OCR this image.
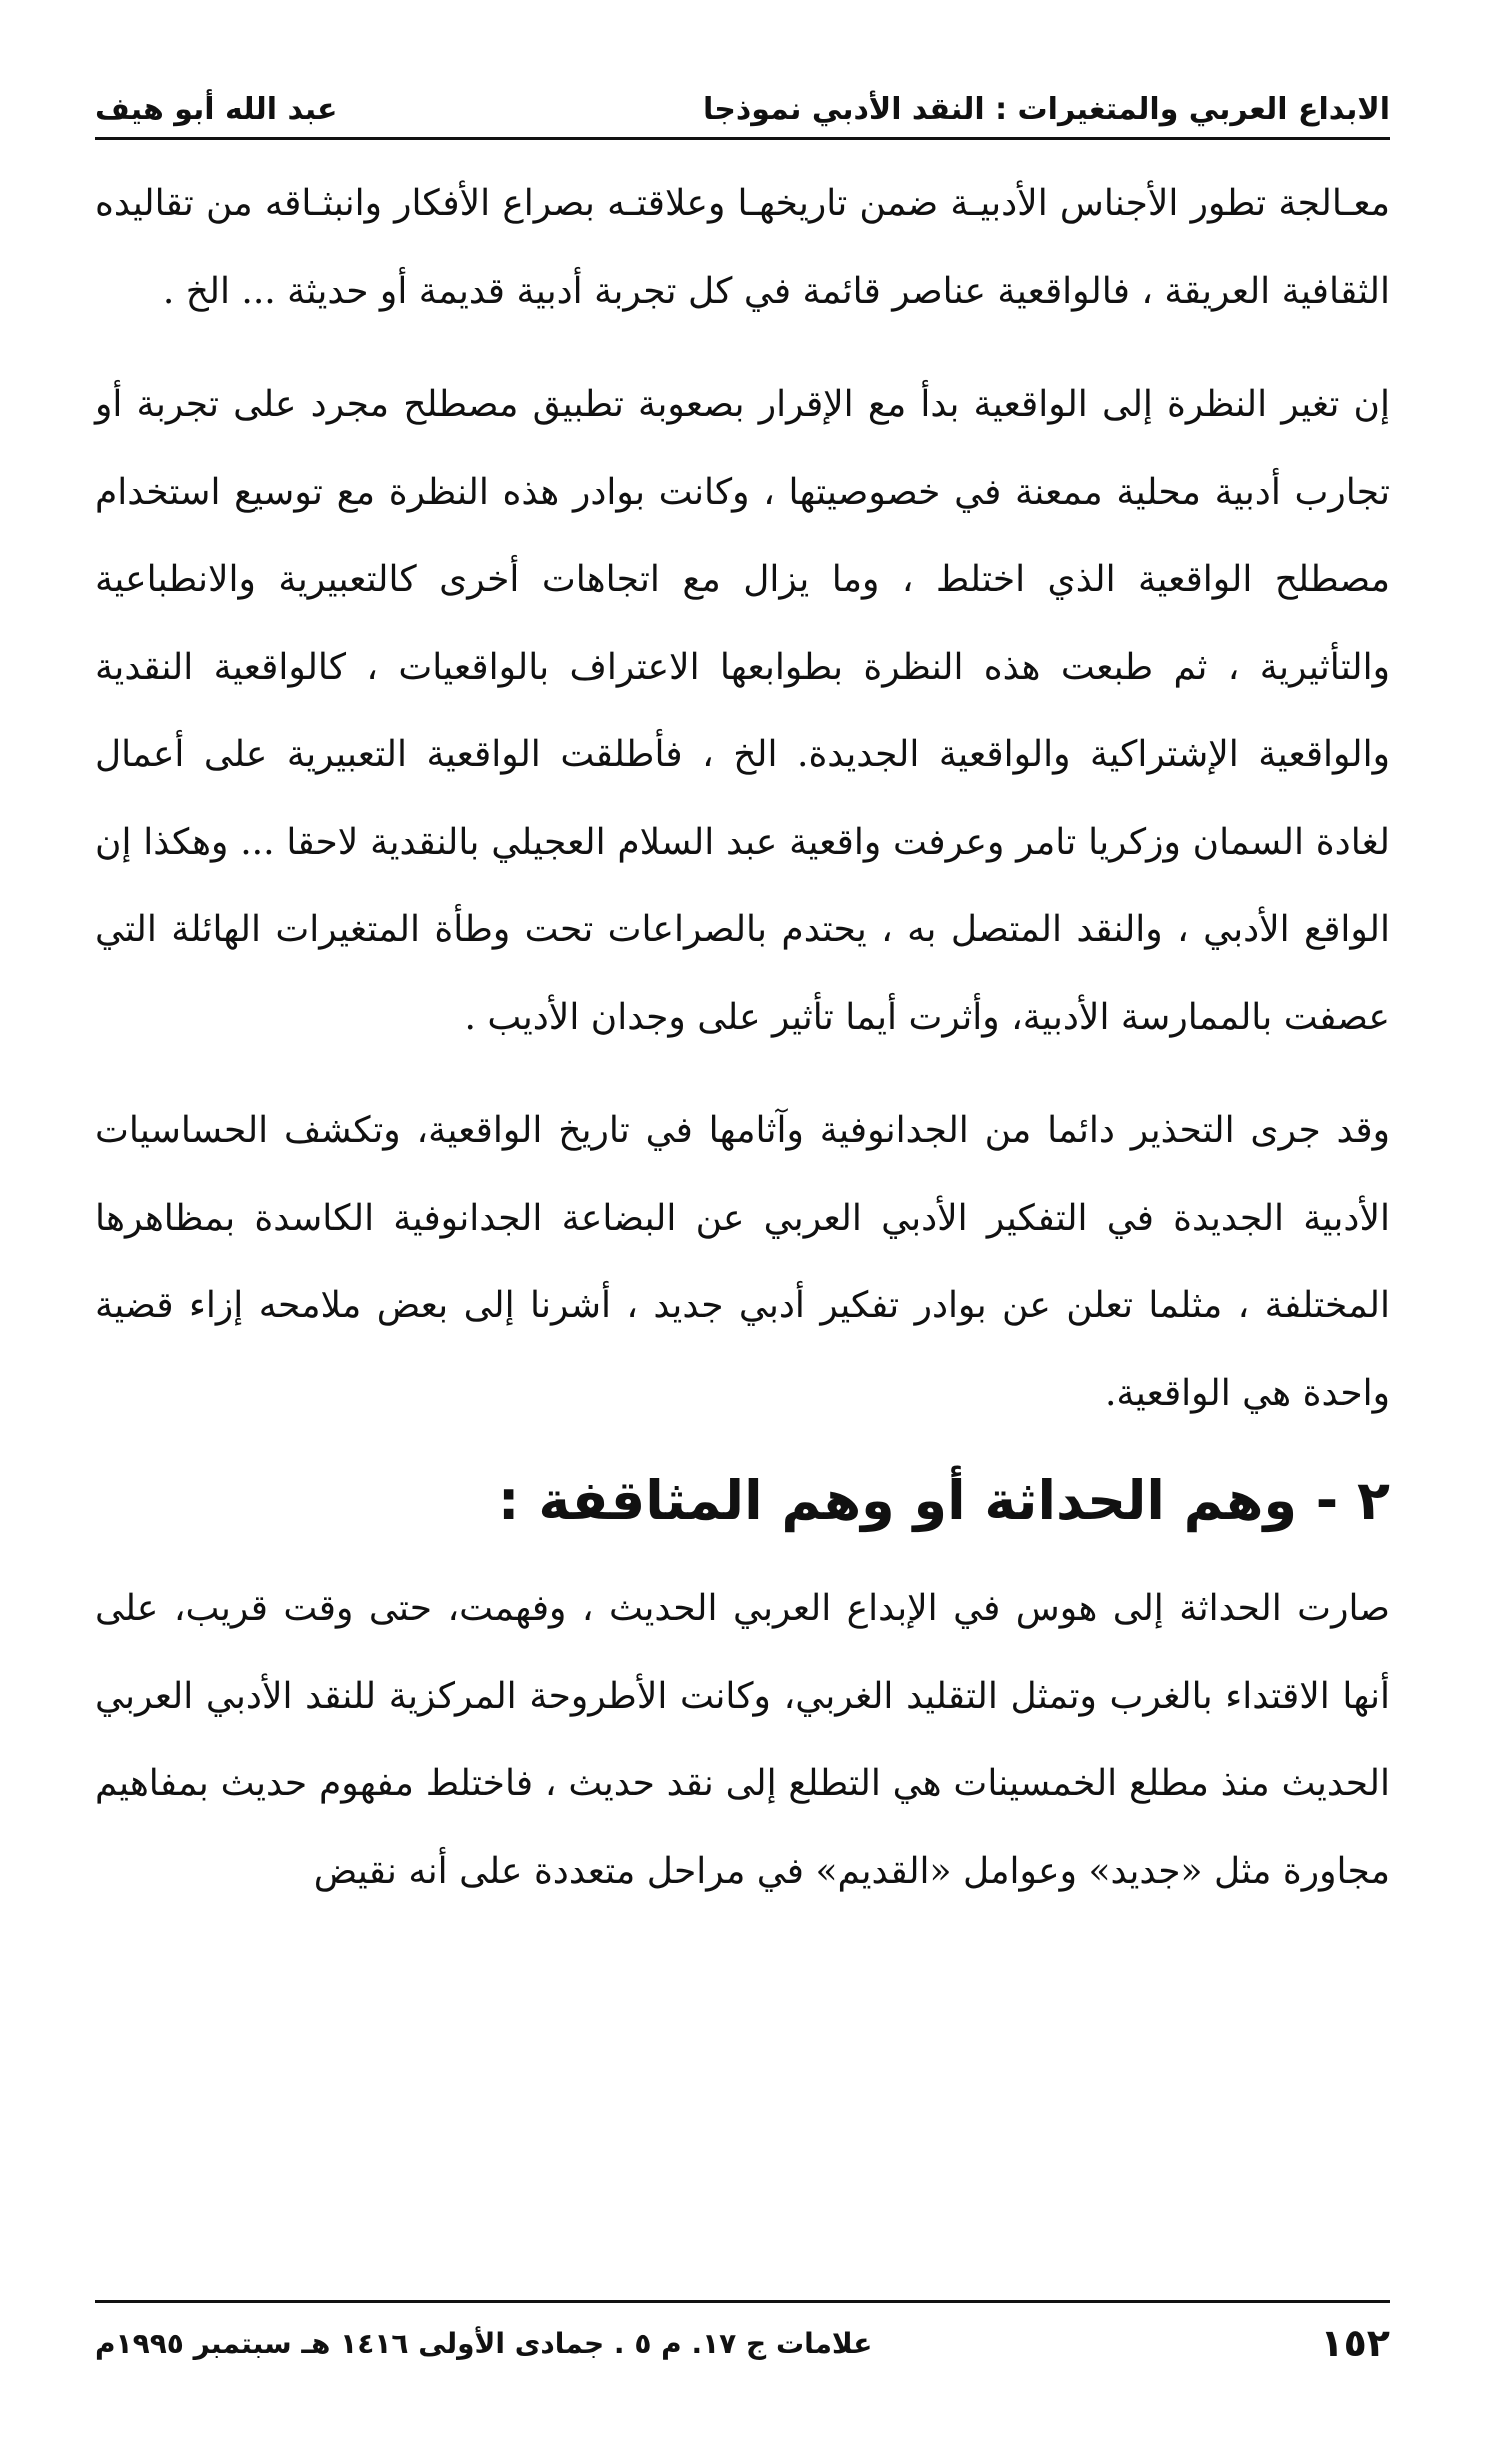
الابداع العربي والمتغيرات : النقد الأدبي نموذجا
عبد الله أبو هيف

معـالجة تطور الأجناس الأدبيـة ضمن تاريخهـا وعلاقتـه بصراع الأفكار وانبثـاقه من تقاليده الثقافية العريقة ، فالواقعية عناصر قائمة في كل تجربة أدبية قديمة أو حديثة ... الخ .

إن تغير النظرة إلى الواقعية بدأ مع الإقرار بصعوبة تطبيق مصطلح مجرد على تجربة أو تجارب أدبية محلية ممعنة في خصوصيتها ، وكانت بوادر هذه النظرة مع توسيع استخدام مصطلح الواقعية الذي اختلط ، وما يزال مع اتجاهات أخرى كالتعبيرية والانطباعية والتأثيرية ، ثم طبعت هذه النظرة بطوابعها الاعتراف بالواقعيات ، كالواقعية النقدية والواقعية الإشتراكية والواقعية الجديدة. الخ ، فأطلقت الواقعية التعبيرية على أعمال لغادة السمان وزكريا تامر وعرفت واقعية عبد السلام العجيلي بالنقدية لاحقا ... وهكذا إن الواقع الأدبي ، والنقد المتصل به ، يحتدم بالصراعات تحت وطأة المتغيرات الهائلة التي عصفت بالممارسة الأدبية، وأثرت أيما تأثير على وجدان الأديب .

وقد جرى التحذير دائما من الجدانوفية وآثامها في تاريخ الواقعية، وتكشف الحساسيات الأدبية الجديدة في التفكير الأدبي العربي عن البضاعة الجدانوفية الكاسدة بمظاهرها المختلفة ، مثلما تعلن عن بوادر تفكير أدبي جديد ، أشرنا إلى بعض ملامحه إزاء قضية واحدة هي الواقعية.

٢ - وهم الحداثة أو وهم المثاقفة :

صارت الحداثة إلى هوس في الإبداع العربي الحديث ، وفهمت، حتى وقت قريب، على أنها الاقتداء بالغرب وتمثل التقليد الغربي، وكانت الأطروحة المركزية للنقد الأدبي العربي الحديث منذ مطلع الخمسينات هي التطلع إلى نقد حديث ، فاختلط مفهوم حديث بمفاهيم مجاورة مثل «جديد» وعوامل «القديم» في مراحل متعددة على أنه نقيض

١٥٢
علامات ج ١٧. م ٥ . جمادى الأولى ١٤١٦ هـ سبتمبر ١٩٩٥م
